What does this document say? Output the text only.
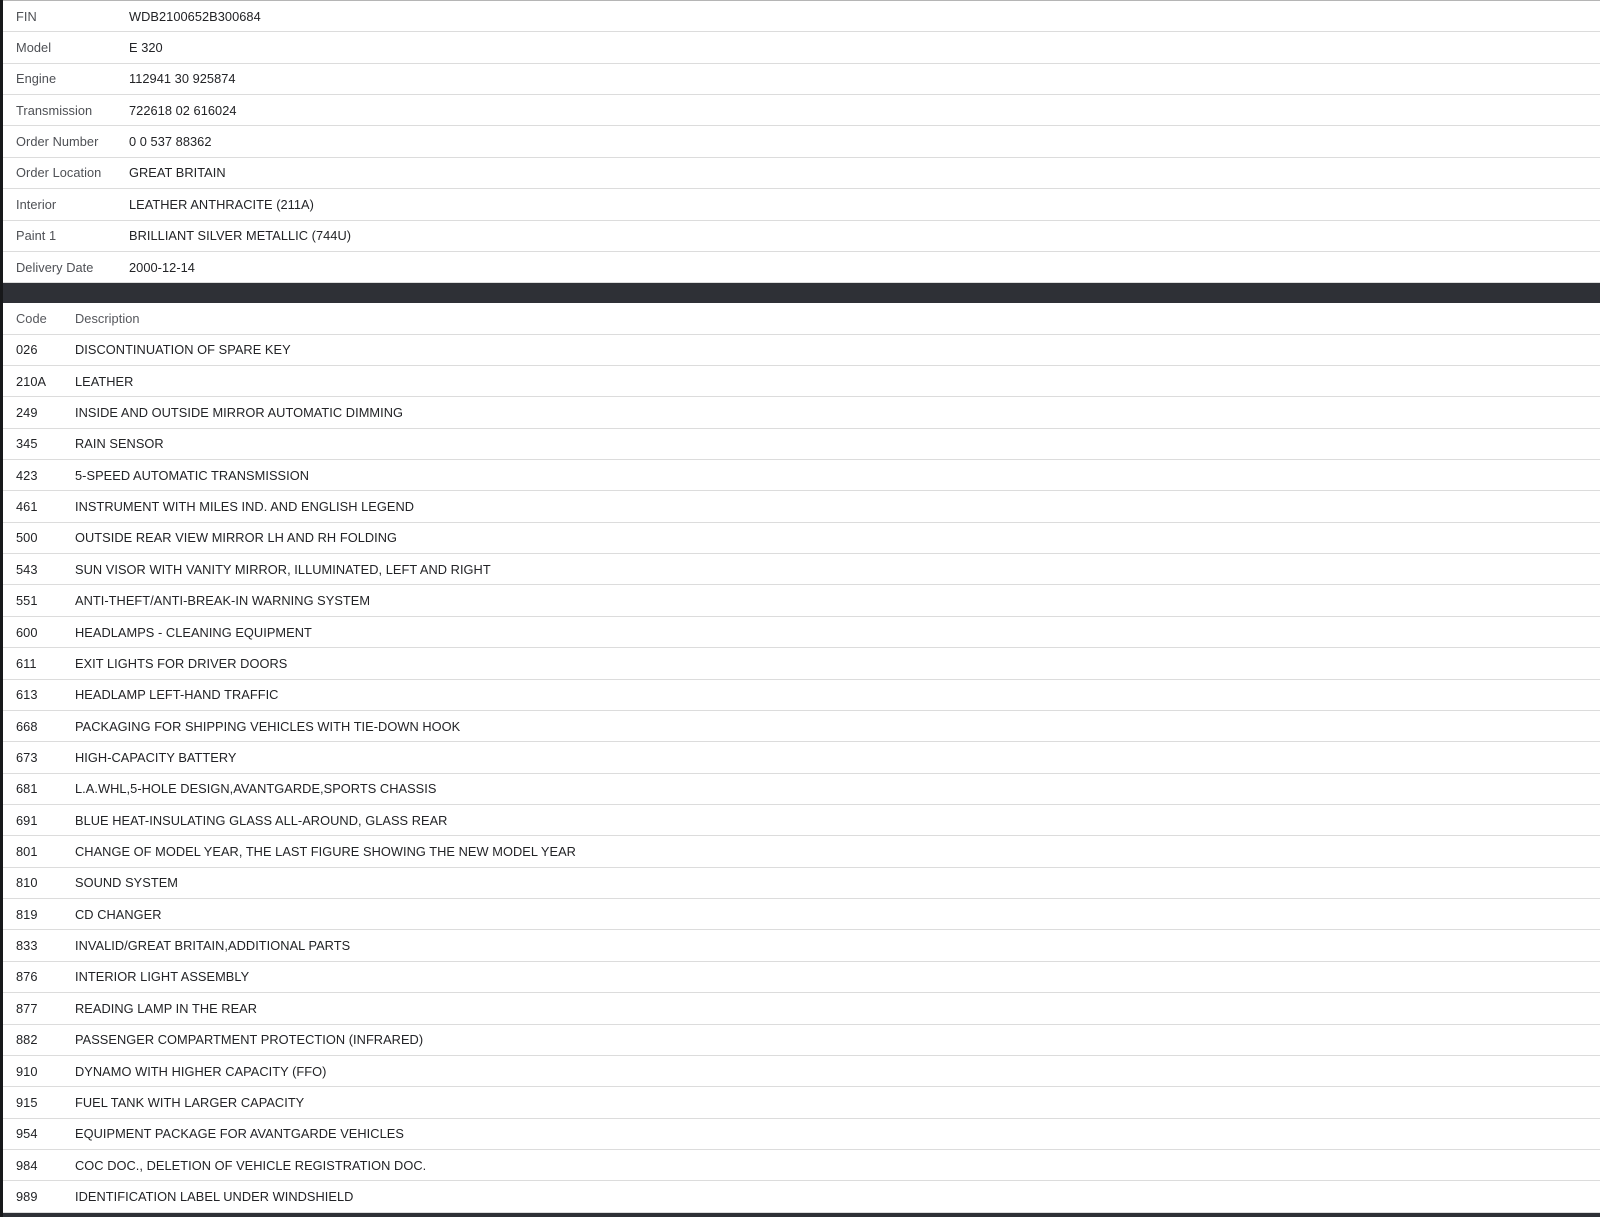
FIN	WDB2100652B300684
Model	E 320
Engine	112941 30 925874
Transmission	722618 02 616024
Order Number	0 0 537 88362
Order Location	GREAT BRITAIN
Interior	LEATHER ANTHRACITE (211A)
Paint 1	BRILLIANT SILVER METALLIC (744U)
Delivery Date	2000-12-14
Code	Description
026	DISCONTINUATION OF SPARE KEY
210A	LEATHER
249	INSIDE AND OUTSIDE MIRROR AUTOMATIC DIMMING
345	RAIN SENSOR
423	5-SPEED AUTOMATIC TRANSMISSION
461	INSTRUMENT WITH MILES IND. AND ENGLISH LEGEND
500	OUTSIDE REAR VIEW MIRROR LH AND RH FOLDING
543	SUN VISOR WITH VANITY MIRROR, ILLUMINATED, LEFT AND RIGHT
551	ANTI-THEFT/ANTI-BREAK-IN WARNING SYSTEM
600	HEADLAMPS - CLEANING EQUIPMENT
611	EXIT LIGHTS FOR DRIVER DOORS
613	HEADLAMP LEFT-HAND TRAFFIC
668	PACKAGING FOR SHIPPING VEHICLES WITH TIE-DOWN HOOK
673	HIGH-CAPACITY BATTERY
681	L.A.WHL,5-HOLE DESIGN,AVANTGARDE,SPORTS CHASSIS
691	BLUE HEAT-INSULATING GLASS ALL-AROUND, GLASS REAR
801	CHANGE OF MODEL YEAR, THE LAST FIGURE SHOWING THE NEW MODEL YEAR
810	SOUND SYSTEM
819	CD CHANGER
833	INVALID/GREAT BRITAIN,ADDITIONAL PARTS
876	INTERIOR LIGHT ASSEMBLY
877	READING LAMP IN THE REAR
882	PASSENGER COMPARTMENT PROTECTION (INFRARED)
910	DYNAMO WITH HIGHER CAPACITY (FFO)
915	FUEL TANK WITH LARGER CAPACITY
954	EQUIPMENT PACKAGE FOR AVANTGARDE VEHICLES
984	COC DOC., DELETION OF VEHICLE REGISTRATION DOC.
989	IDENTIFICATION LABEL UNDER WINDSHIELD
